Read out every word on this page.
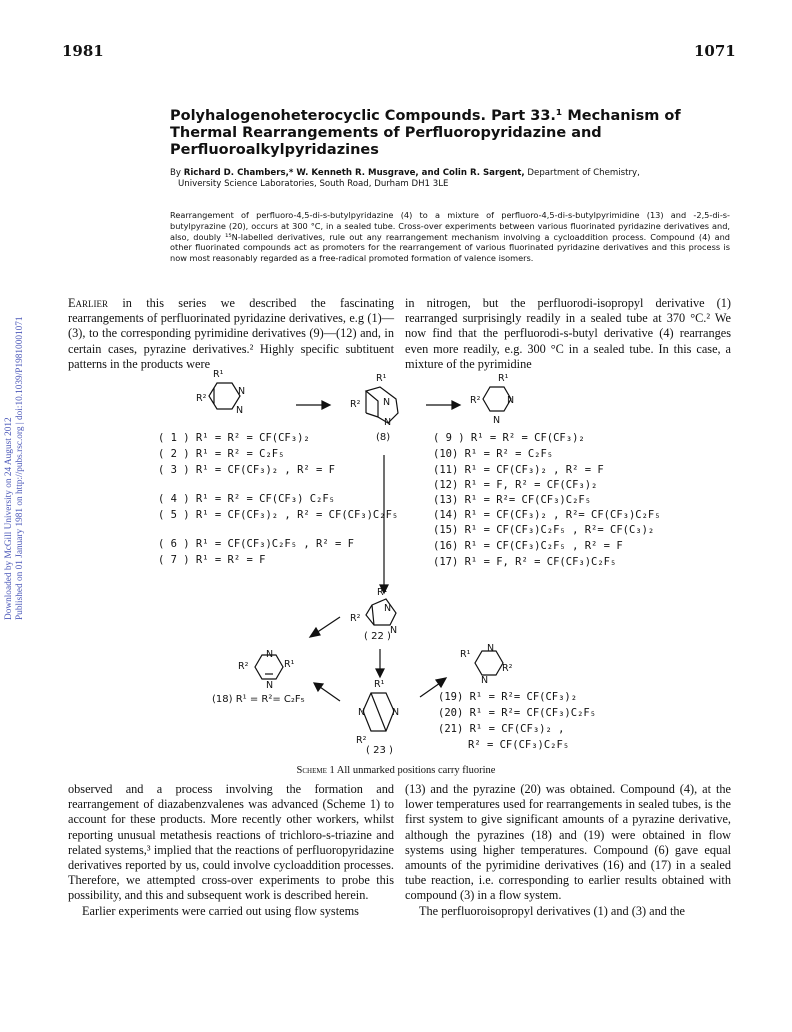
1981	1071
Polyhalogenoheterocyclic Compounds. Part 33.¹ Mechanism of Thermal Rearrangements of Perfluoropyridazine and Perfluoroalkylpyridazines
By Richard D. Chambers,* W. Kenneth R. Musgrave, and Colin R. Sargent, Department of Chemistry,
University Science Laboratories, South Road, Durham DH1 3LE
Rearrangement of perfluoro-4,5-di-s-butylpyridazine (4) to a mixture of perfluoro-4,5-di-s-butylpyrimidine (13) and -2,5-di-s-butylpyrazine (20), occurs at 300 °C, in a sealed tube. Cross-over experiments between various fluorinated pyridazine derivatives and, also, doubly ¹⁵N-labelled derivatives, rule out any rearrangement mechanism involving a cycloaddition process. Compound (4) and other fluorinated compounds act as promoters for the rearrangement of various fluorinated pyridazine derivatives and this process is now most reasonably regarded as a free-radical promoted formation of valence isomers.
Downloaded by McGill University on 24 August 2012 Published on 01 January 1981 on http://pubs.rsc.org | doi:10.1039/P19810001071

Earlier in this series we described the fascinating rearrangements of perfluorinated pyridazine derivatives, e.g (1)—(3), to the corresponding pyrimidine derivatives (9)—(12) and, in certain cases, pyrazine derivatives.² Highly specific subtituent patterns in the products were

in nitrogen, but the perfluorodi-isopropyl derivative (1) rearranged surprisingly readily in a sealed tube at 370 °C.² We now find that the perfluorodi-s-butyl derivative (4) rearranges even more readily, e.g. 300 °C in a sealed tube. In this case, a mixture of the pyrimidine

R¹
R²
N
N
R¹
R² N
N
(8)
R¹
R²	N
N
( 1 ) R¹ = R² = CF(CF₃)₂
( 2 ) R¹ = R² = C₂F₅
( 3 ) R¹ = CF(CF₃)₂ , R² = F
( 4 ) R¹ = R² = CF(CF₃) C₂F₅
( 5 ) R¹ = CF(CF₃)₂ , R² = CF(CF₃)C₂F₅
( 6 ) R¹ = CF(CF₃)C₂F₅ , R² = F
( 7 ) R¹ = R² = F
( 9 ) R¹ = R² = CF(CF₃)₂
(10) R¹ = R² = C₂F₅
(11) R¹ = CF(CF₃)₂ , R² = F
(12) R¹ = F, R² = CF(CF₃)₂
(13) R¹ = R²= CF(CF₃)C₂F₅
(14) R¹ = CF(CF₃)₂ , R²= CF(CF₃)C₂F₅
(15) R¹ = CF(CF₃)C₂F₅ , R²= CF(C₃)₂
(16) R¹ = CF(CF₃)C₂F₅ , R² = F
(17) R¹ = F, R² = CF(CF₃)C₂F₅
R¹
R²
N
N
( 22 )
R²	R¹
N
N
(18) R¹ = R²= C₂F₅
R¹
R²
N
N
R¹
R²
N	N
( 23 )
(19) R¹ = R²= CF(CF₃)₂
(20) R¹ = R²= CF(CF₃)C₂F₅
(21) R¹ = CF(CF₃)₂ ,
R² = CF(CF₃)C₂F₅
Scheme 1 All unmarked positions carry fluorine

observed and a process involving the formation and rearrangement of diazabenzvalenes was advanced (Scheme 1) to account for these products. More recently other workers, whilst reporting unusual metathesis reactions of trichloro-s-triazine and related systems,³ implied that the reactions of perfluoropyridazine derivatives reported by us, could involve cycloaddition processes. Therefore, we attempted cross-over experiments to probe this possibility, and this and subsequent work is described herein.

Earlier experiments were carried out using flow systems

(13) and the pyrazine (20) was obtained. Compound (4), at the lower temperatures used for rearrangements in sealed tubes, is the first system to give significant amounts of a pyrazine derivative, although the pyrazines (18) and (19) were obtained in flow systems using higher temperatures. Compound (6) gave equal amounts of the pyrimidine derivatives (16) and (17) in a sealed tube reaction, i.e. corresponding to earlier results obtained with compound (3) in a flow system.

The perfluoroisopropyl derivatives (1) and (3) and the
